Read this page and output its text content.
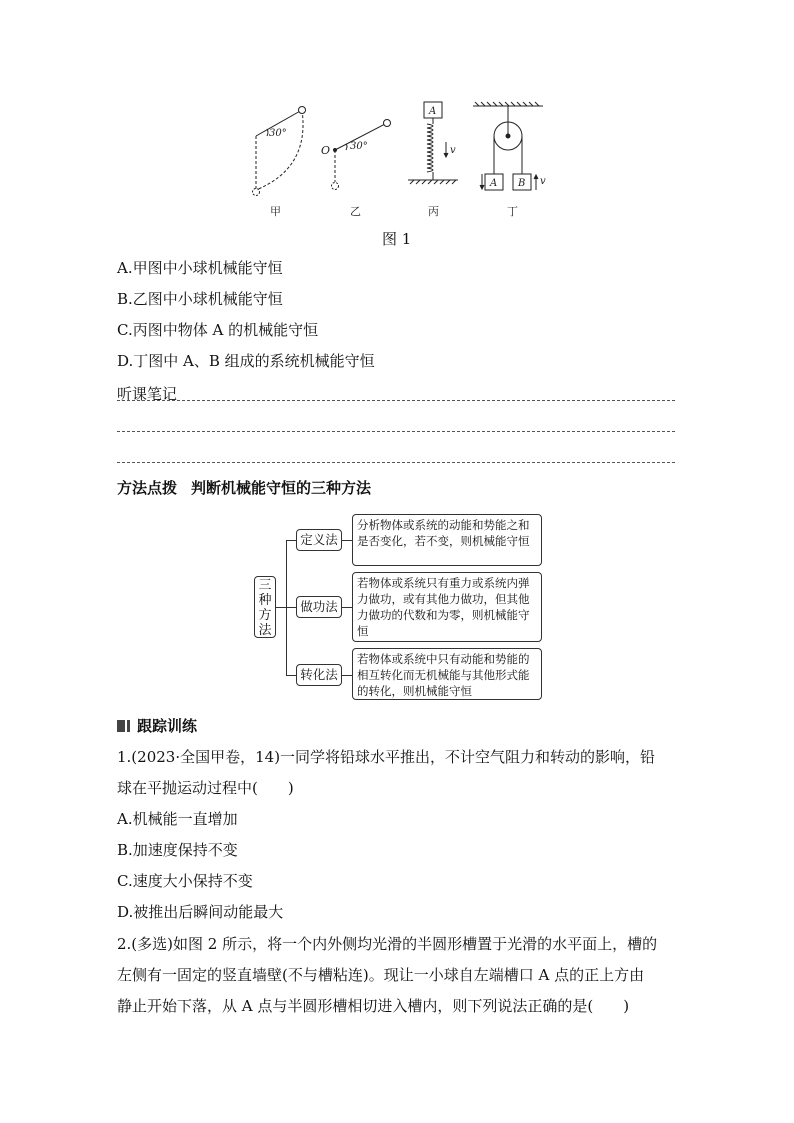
30°
甲
O 30°
乙
A
v
丙
A B v
丁
图 1
A.甲图中小球机械能守恒
B.乙图中小球机械能守恒
C.丙图中物体 A 的机械能守恒
D.丁图中 A、B 组成的系统机械能守恒
听课笔记
方法点拨 判断机械能守恒的三种方法
三种方法
定义法
分析物体或系统的动能和势能之和是否变化，若不变，则机械能守恒
做功法
若物体或系统只有重力或系统内弹力做功，或有其他力做功，但其他力做功的代数和为零，则机械能守恒
转化法
若物体或系统中只有动能和势能的相互转化而无机械能与其他形式能的转化，则机械能守恒
跟踪训练
1.(2023·全国甲卷，14)一同学将铅球水平推出，不计空气阻力和转动的影响，铅
球在平抛运动过程中(　　)
A.机械能一直增加
B.加速度保持不变
C.速度大小保持不变
D.被推出后瞬间动能最大
2.(多选)如图 2 所示，将一个内外侧均光滑的半圆形槽置于光滑的水平面上，槽的
左侧有一固定的竖直墙壁(不与槽粘连)。现让一小球自左端槽口 A 点的正上方由
静止开始下落，从 A 点与半圆形槽相切进入槽内，则下列说法正确的是(　　)
